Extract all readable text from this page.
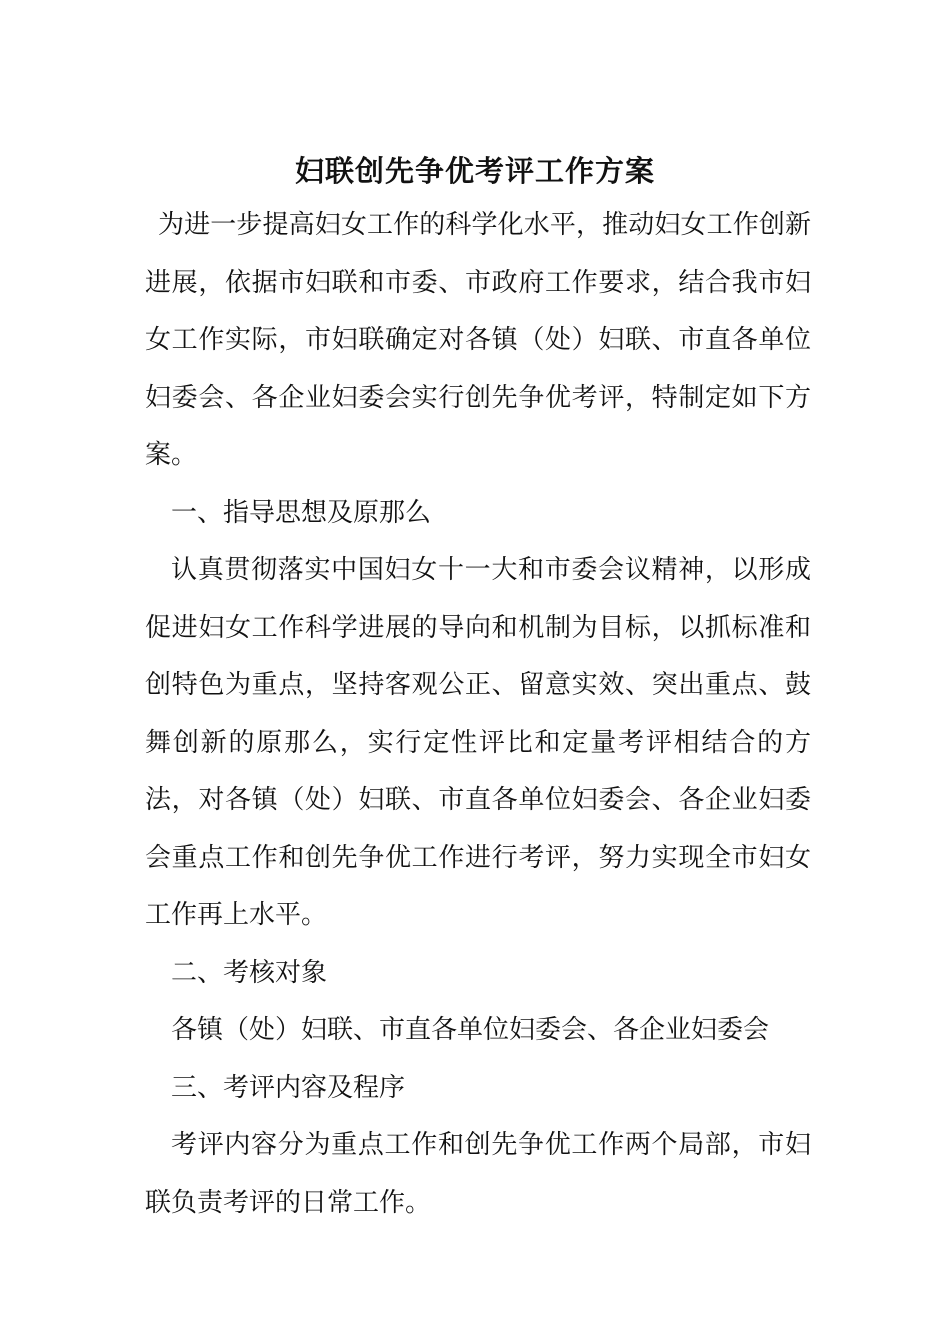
妇联创先争优考评工作方案

为进一步提高妇女工作的科学化水平，推动妇女工作创新进展，依据市妇联和市委、市政府工作要求，结合我市妇女工作实际，市妇联确定对各镇（处）妇联、市直各单位妇委会、各企业妇委会实行创先争优考评，特制定如下方案。

一、指导思想及原那么

认真贯彻落实中国妇女十一大和市委会议精神，以形成促进妇女工作科学进展的导向和机制为目标，以抓标准和创特色为重点，坚持客观公正、留意实效、突出重点、鼓舞创新的原那么，实行定性评比和定量考评相结合的方法，对各镇（处）妇联、市直各单位妇委会、各企业妇委会重点工作和创先争优工作进行考评，努力实现全市妇女工作再上水平。

二、考核对象

各镇（处）妇联、市直各单位妇委会、各企业妇委会

三、考评内容及程序

考评内容分为重点工作和创先争优工作两个局部，市妇联负责考评的日常工作。
